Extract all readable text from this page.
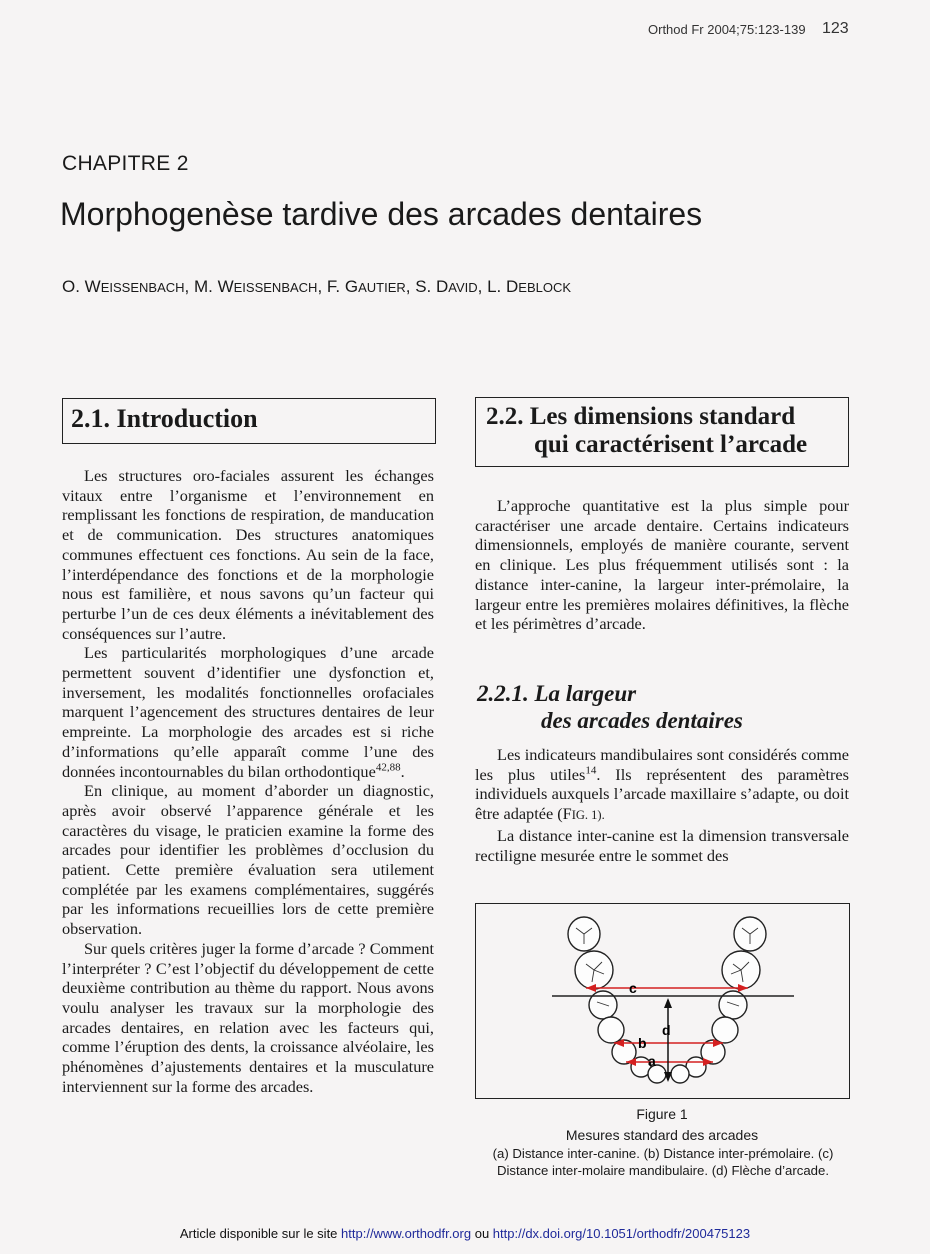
Orthod Fr 2004;75:123-139 123
CHAPITRE 2
Morphogenèse tardive des arcades dentaires
O. WEISSENBACH, M. WEISSENBACH, F. GAUTIER, S. DAVID, L. DEBLOCK
2.1. Introduction	2.2. Les dimensions standard
qui caractérisent l’arcade

Les structures oro-faciales assurent les échanges vitaux entre l’organisme et l’environnement en remplissant les fonctions de respiration, de manducation et de communication. Des structures anatomiques communes effectuent ces fonctions. Au sein de la face, l’interdépendance des fonctions et de la morphologie nous est familière, et nous savons qu’un facteur qui perturbe l’un de ces deux éléments a inévitablement des conséquences sur l’autre.

Les particularités morphologiques d’une arcade permettent souvent d’identifier une dysfonction et, inversement, les modalités fonctionnelles orofaciales marquent l’agencement des structures dentaires de leur empreinte. La morphologie des arcades est si riche d’informations qu’elle apparaît comme l’une des données incontournables du bilan orthodontique$^{42,88}$.

En clinique, au moment d’aborder un diagnostic, après avoir observé l’apparence générale et les caractères du visage, le praticien examine la forme des arcades pour identifier les problèmes d’occlusion du patient. Cette première évaluation sera utilement complétée par les examens complémentaires, suggérés par les informations recueillies lors de cette première observation.

Sur quels critères juger la forme d’arcade ? Comment l’interpréter ? C’est l’objectif du développement de cette deuxième contribution au thème du rapport. Nous avons voulu analyser les travaux sur la morphologie des arcades dentaires, en relation avec les facteurs qui, comme l’éruption des dents, la croissance alvéolaire, les phénomènes d’ajustements dentaires et la musculature interviennent sur la forme des arcades.

L’approche quantitative est la plus simple pour caractériser une arcade dentaire. Certains indicateurs dimensionnels, employés de manière courante, servent en clinique. Les plus fréquemment utilisés sont : la distance inter-canine, la largeur inter-prémolaire, la largeur entre les premières molaires définitives, la flèche et les périmètres d’arcade.

2.2.1. La largeur
des arcades dentaires

Les indicateurs mandibulaires sont considérés comme les plus utiles$^{14}$. Ils représentent des paramètres individuels auxquels l’arcade maxillaire s’adapte, ou doit être adaptée (FIG. 1).

La distance inter-canine est la dimension transversale rectiligne mesurée entre le sommet des

c
d
b
a
Figure 1
Mesures standard des arcades
(a) Distance inter-canine. (b) Distance inter-prémolaire. (c) Distance inter-molaire mandibulaire. (d) Flèche d’arcade.
Article disponible sur le site http://www.orthodfr.org ou http://dx.doi.org/10.1051/orthodfr/200475123
